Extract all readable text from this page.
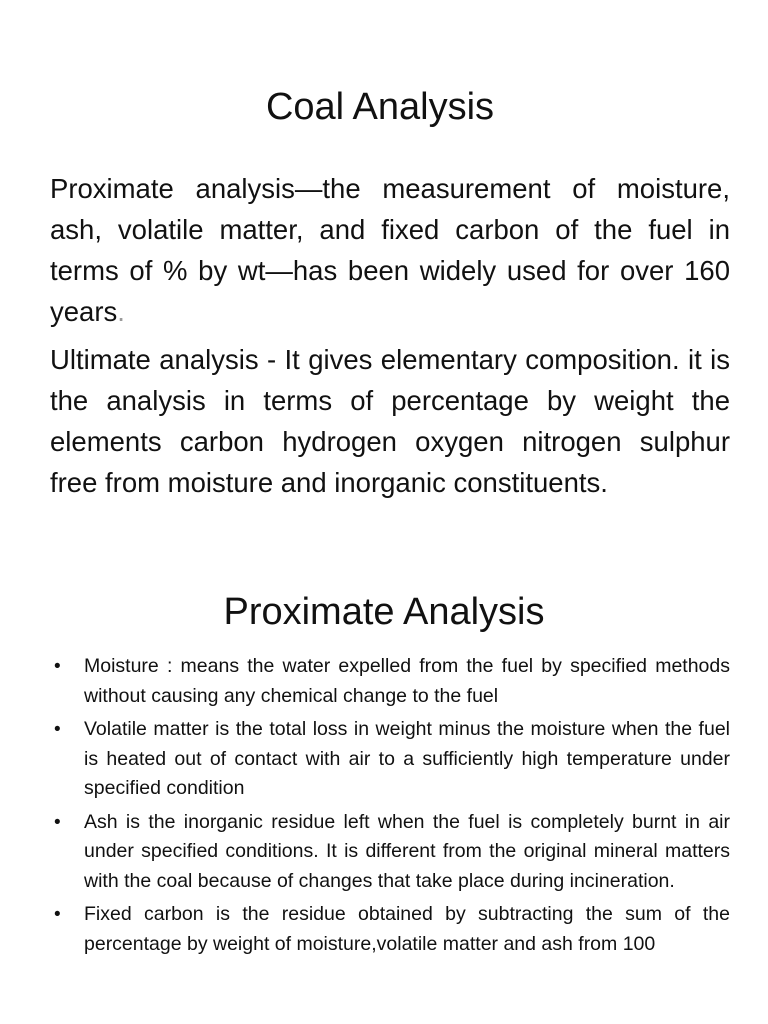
Coal Analysis

Proximate analysis—the measurement of moisture, ash, volatile matter, and fixed carbon of the fuel in terms of % by wt—has been widely used for over 160 years.

Ultimate analysis - It gives elementary composition. it is the analysis in terms of percentage by weight the elements carbon hydrogen oxygen nitrogen sulphur free from moisture and inorganic constituents.

Proximate Analysis
• Moisture : means the water expelled from the fuel by specified methods without causing any chemical change to the fuel
• Volatile matter is the total loss in weight minus the moisture when the fuel is heated out of contact with air to a sufficiently high temperature under specified condition
• Ash is the inorganic residue left when the fuel is completely burnt in air under specified conditions. It is different from the original mineral matters with the coal because of changes that take place during incineration.
• Fixed carbon is the residue obtained by subtracting the sum of the percentage by weight of moisture,volatile matter and ash from 100
